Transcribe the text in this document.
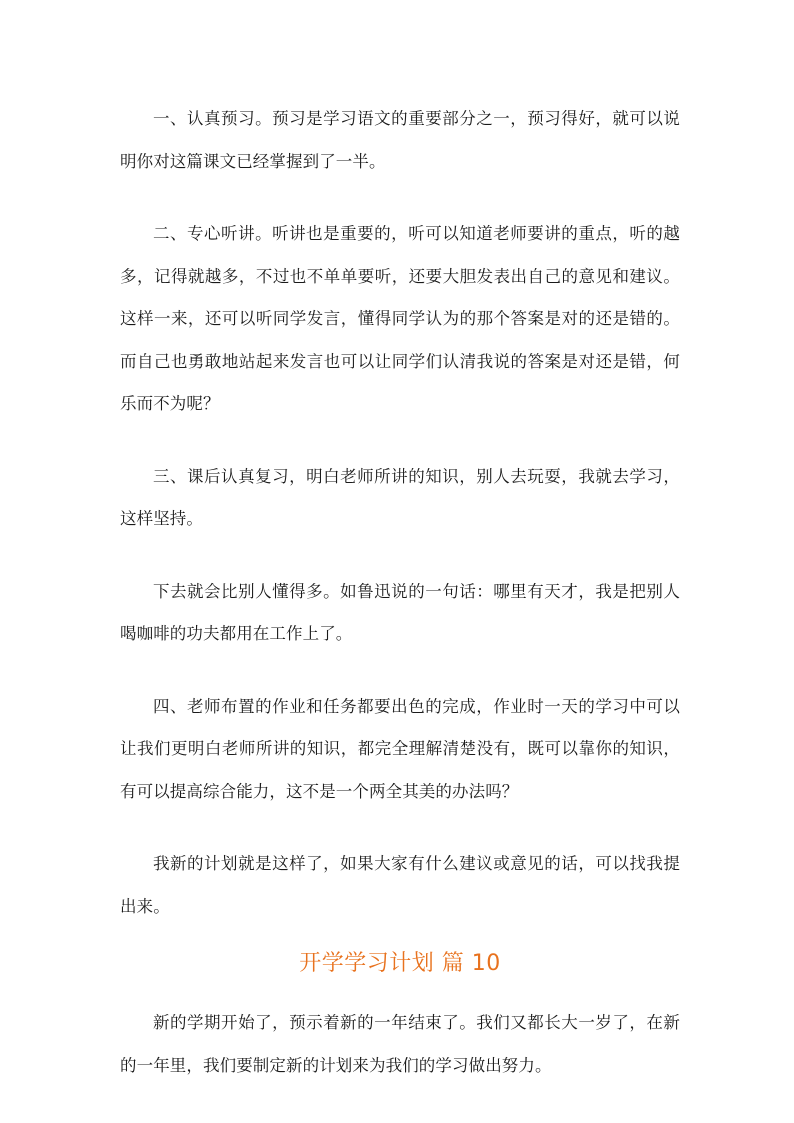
一、认真预习。预习是学习语文的重要部分之一，预习得好，就可以说明你对这篇课文已经掌握到了一半。

二、专心听讲。听讲也是重要的，听可以知道老师要讲的重点，听的越多，记得就越多，不过也不单单要听，还要大胆发表出自己的意见和建议。这样一来，还可以听同学发言，懂得同学认为的那个答案是对的还是错的。而自己也勇敢地站起来发言也可以让同学们认清我说的答案是对还是错，何乐而不为呢？

三、课后认真复习，明白老师所讲的知识，别人去玩耍，我就去学习，这样坚持。

下去就会比别人懂得多。如鲁迅说的一句话：哪里有天才，我是把别人喝咖啡的功夫都用在工作上了。

四、老师布置的作业和任务都要出色的完成，作业时一天的学习中可以让我们更明白老师所讲的知识，都完全理解清楚没有，既可以靠你的知识，有可以提高综合能力，这不是一个两全其美的办法吗？

我新的计划就是这样了，如果大家有什么建议或意见的话，可以找我提出来。

开学学习计划 篇 10

新的学期开始了，预示着新的一年结束了。我们又都长大一岁了，在新的一年里，我们要制定新的计划来为我们的学习做出努力。
